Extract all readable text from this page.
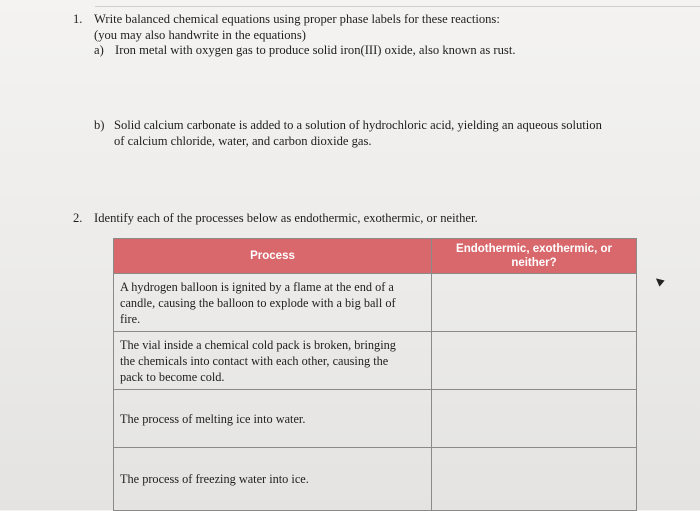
1. Write balanced chemical equations using proper phase labels for these reactions:
(you may also handwrite in the equations)
a) Iron metal with oxygen gas to produce solid iron(III) oxide, also known as rust.
b) Solid calcium carbonate is added to a solution of hydrochloric acid, yielding an aqueous solution
of calcium chloride, water, and carbon dioxide gas.
2. Identify each of the processes below as endothermic, exothermic, or neither.
Process	Endothermic, exothermic, or neither?

A hydrogen balloon is ignited by a flame at the end of a
candle, causing the balloon to explode with a big ball of
fire.	

The vial inside a chemical cold pack is broken, bringing
the chemicals into contact with each other, causing the
pack to become cold.	

The process of melting ice into water.	

The process of freezing water into ice.	
